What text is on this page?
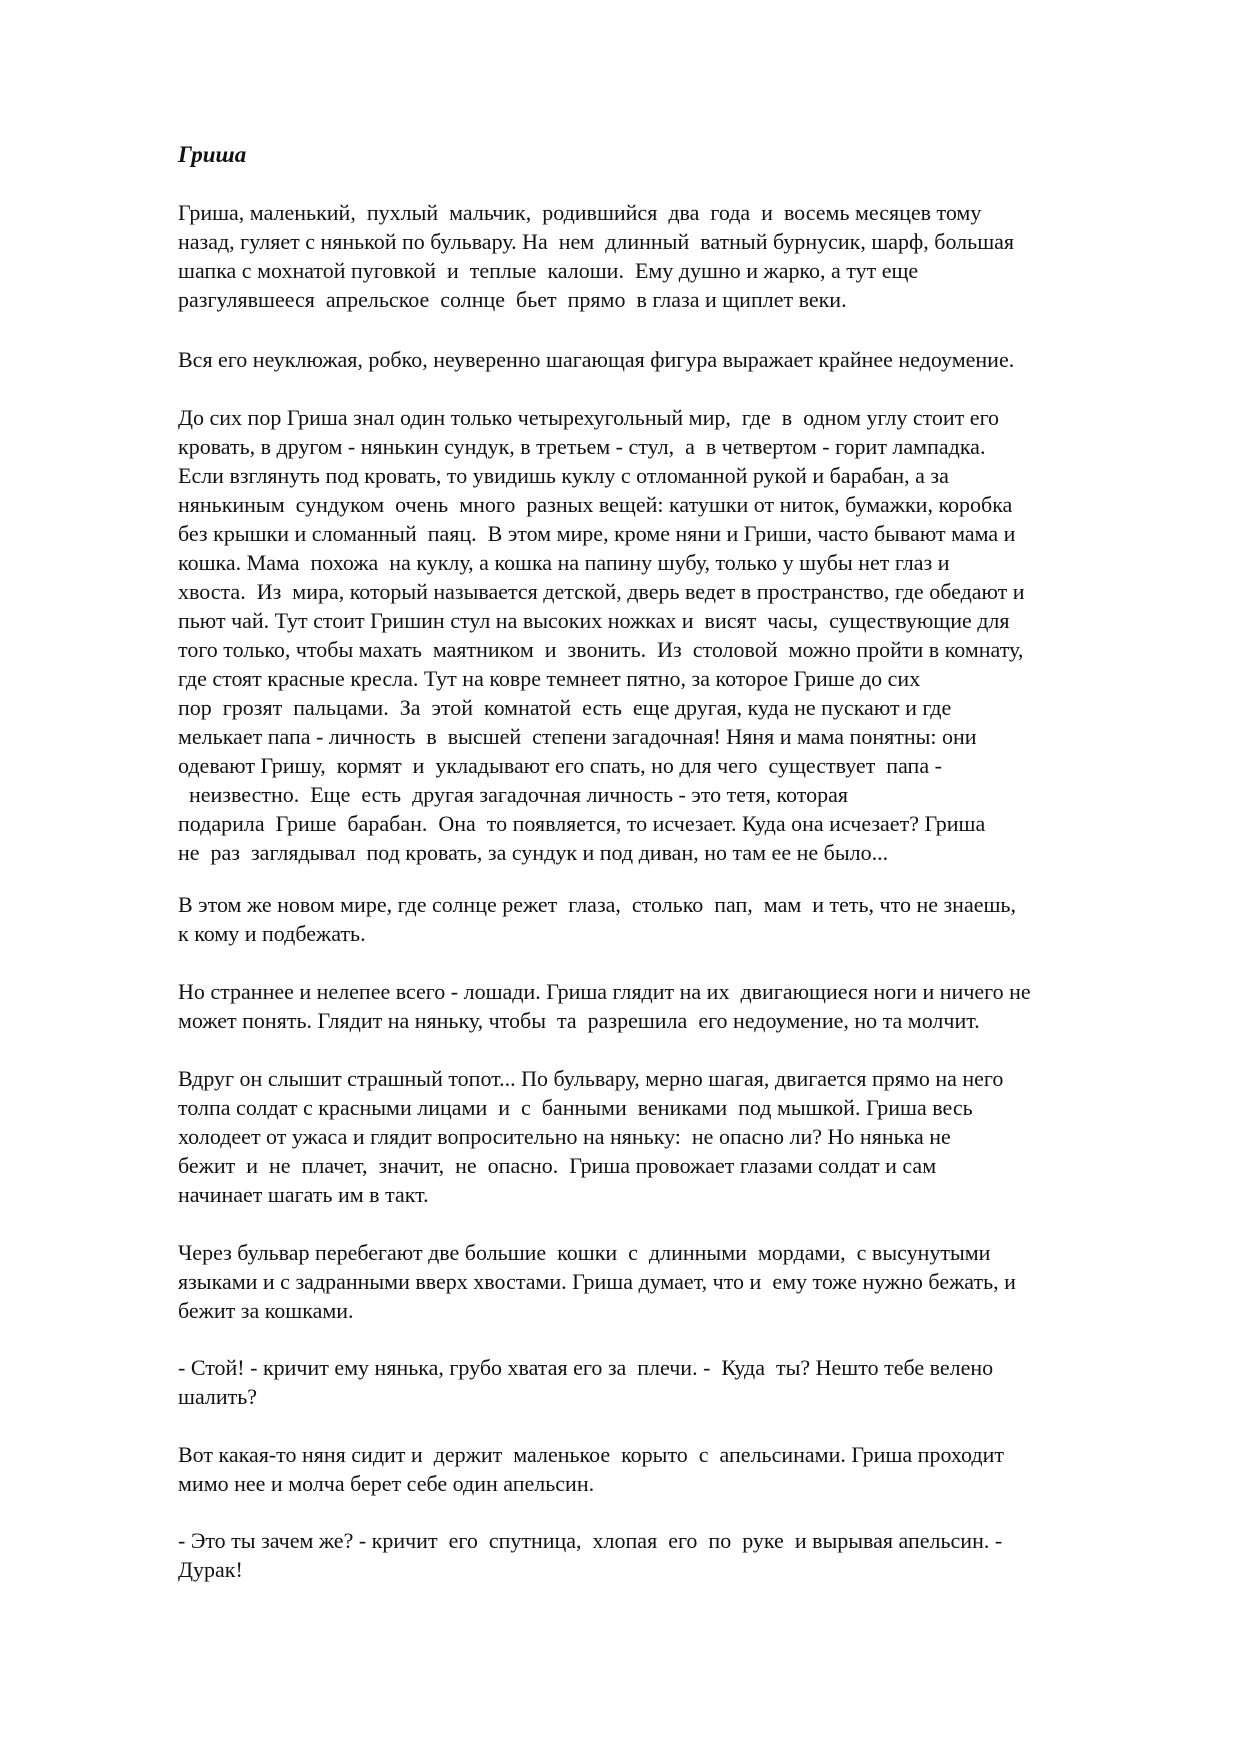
Гриша

Гриша, маленький,  пухлый  мальчик,  родившийся  два  года  и  восемь месяцев тому
назад, гуляет с нянькой по бульвару. На  нем  длинный  ватный бурнусик, шарф, большая
шапка с мохнатой пуговкой  и  теплые  калоши.  Ему душно и жарко, а тут еще
разгулявшееся  апрельское  солнце  бьет  прямо  в глаза и щиплет веки.

Вся его неуклюжая, робко, неуверенно шагающая фигура выражает крайнее недоумение.

До сих пор Гриша знал один только четырехугольный мир,  где  в  одном углу стоит его
кровать, в другом - нянькин сундук, в третьем - стул,  а  в четвертом - горит лампадка.
Если взглянуть под кровать, то увидишь куклу с отломанной рукой и барабан, а за
нянькиным  сундуком  очень  много  разных вещей: катушки от ниток, бумажки, коробка
без крышки и сломанный  паяц.  В этом мире, кроме няни и Гриши, часто бывают мама и
кошка. Мама  похожа  на куклу, а кошка на папину шубу, только у шубы нет глаз и
хвоста.  Из  мира, который называется детской, дверь ведет в пространство, где обедают и
пьют чай. Тут стоит Гришин стул на высоких ножках и  висят  часы,  существующие для
того только, чтобы махать  маятником  и  звонить.  Из  столовой  можно пройти в комнату,
где стоят красные кресла. Тут на ковре темнеет пятно, за которое Грише до сих
пор  грозят  пальцами.  За  этой  комнатой  есть  еще другая, куда не пускают и где
мелькает папа - личность  в  высшей  степени загадочная! Няня и мама понятны: они
одевают Гришу,  кормят  и  укладывают его спать, но для чего  существует  папа -
неизвестно.  Еще  есть  другая загадочная личность - это тетя, которая
подарила  Грише  барабан.  Она  то появляется, то исчезает. Куда она исчезает? Гриша
не  раз  заглядывал  под кровать, за сундук и под диван, но там ее не было...

В этом же новом мире, где солнце режет  глаза,  столько  пап,  мам  и теть, что не знаешь,
к кому и подбежать.

Но страннее и нелепее всего - лошади. Гриша глядит на их  двигающиеся ноги и ничего не
может понять. Глядит на няньку, чтобы  та  разрешила  его недоумение, но та молчит.

Вдруг он слышит страшный топот... По бульвару, мерно шагая, двигается прямо на него
толпа солдат с красными лицами  и  с  банными  вениками  под мышкой. Гриша весь
холодеет от ужаса и глядит вопросительно на няньку:  не опасно ли? Но нянька не
бежит  и  не  плачет,  значит,  не  опасно.  Гриша провожает глазами солдат и сам
начинает шагать им в такт.

Через бульвар перебегают две большие  кошки  с  длинными  мордами,  с высунутыми
языками и с задранными вверх хвостами. Гриша думает, что и  ему тоже нужно бежать, и
бежит за кошками.

- Стой! - кричит ему нянька, грубо хватая его за  плечи. -  Куда  ты? Нешто тебе велено
шалить?

Вот какая-то няня сидит и  держит  маленькое  корыто  с  апельсинами. Гриша проходит
мимо нее и молча берет себе один апельсин.

- Это ты зачем же? - кричит  его  спутница,  хлопая  его  по  руке  и вырывая апельсин. -
Дурак!
